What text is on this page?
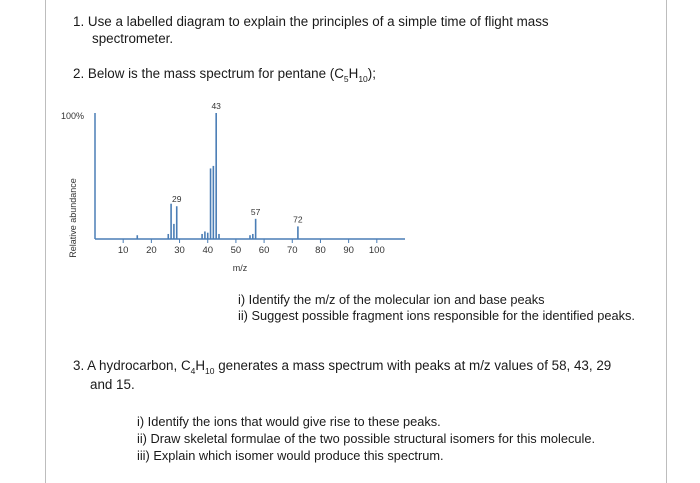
1. Use a labelled diagram to explain the principles of a simple time of flight mass
spectrometer.
2. Below is the mass spectrum for pentane $(C_5H_{10})$;
100%
Relative abundance
m/z
10 20 30 40 50 60 70 80 90 100
29
43
57
72
i) Identify the m/z of the molecular ion and base peaks
ii) Suggest possible fragment ions responsible for the identified peaks.
3. A hydrocarbon, $C_4H_{10}$ generates a mass spectrum with peaks at m/z values of 58, 43, 29
and 15.
i) Identify the ions that would give rise to these peaks.
ii) Draw skeletal formulae of the two possible structural isomers for this molecule.
iii) Explain which isomer would produce this spectrum.
